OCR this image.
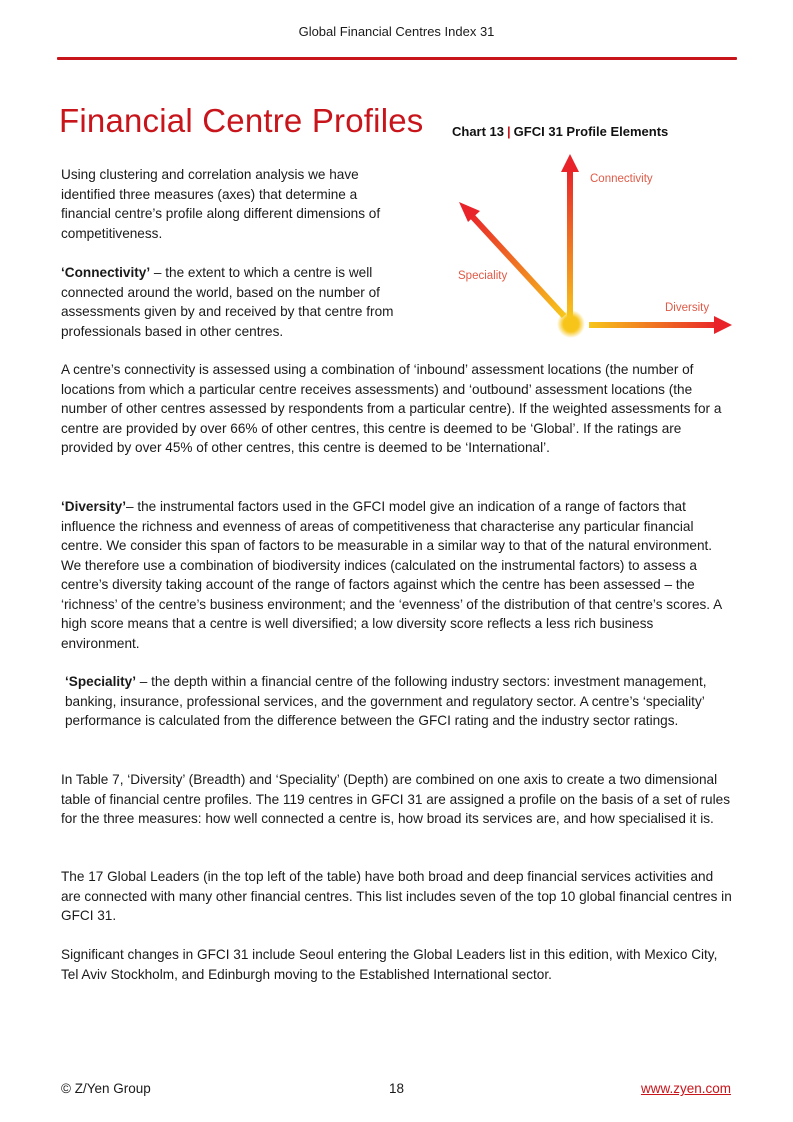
Global Financial Centres Index 31
Financial Centre Profiles Chart 13 | GFCI 31 Profile Elements
Connectivity
Speciality
Diversity

Using clustering and correlation analysis we have identified three measures (axes) that determine a financial centre’s profile along different dimensions of competitiveness.

‘Connectivity’ – the extent to which a centre is well connected around the world, based on the number of assessments given by and received by that centre from professionals based in other centres.

A centre’s connectivity is assessed using a combination of ‘inbound’ assessment locations (the number of locations from which a particular centre receives assessments) and ‘outbound’ assessment locations (the number of other centres assessed by respondents from a particular centre). If the weighted assessments for a centre are provided by over 66% of other centres, this centre is deemed to be ‘Global’. If the ratings are provided by over 45% of other centres, this centre is deemed to be ‘International’.

‘Diversity’– the instrumental factors used in the GFCI model give an indication of a range of factors that influence the richness and evenness of areas of competitiveness that characterise any particular financial centre. We consider this span of factors to be measurable in a similar way to that of the natural environment. We therefore use a combination of biodiversity indices (calculated on the instrumental factors) to assess a centre’s diversity taking account of the range of factors against which the centre has been assessed – the ‘richness’ of the centre’s business environment; and the ‘evenness’ of the distribution of that centre’s scores. A high score means that a centre is well diversified; a low diversity score reflects a less rich business environment.

‘Speciality’ – the depth within a financial centre of the following industry sectors: investment management, banking, insurance, professional services, and the government and regulatory sector. A centre’s ‘speciality’ performance is calculated from the difference between the GFCI rating and the industry sector ratings.

In Table 7, ‘Diversity’ (Breadth) and ‘Speciality’ (Depth) are combined on one axis to create a two dimensional table of financial centre profiles. The 119 centres in GFCI 31 are assigned a profile on the basis of a set of rules for the three measures: how well connected a centre is, how broad its services are, and how specialised it is.

The 17 Global Leaders (in the top left of the table) have both broad and deep financial services activities and are connected with many other financial centres. This list includes seven of the top 10 global financial centres in GFCI 31.

Significant changes in GFCI 31 include Seoul entering the Global Leaders list in this edition, with Mexico City, Tel Aviv Stockholm, and Edinburgh moving to the Established International sector.

© Z/Yen Group	18	www.zyen.com
